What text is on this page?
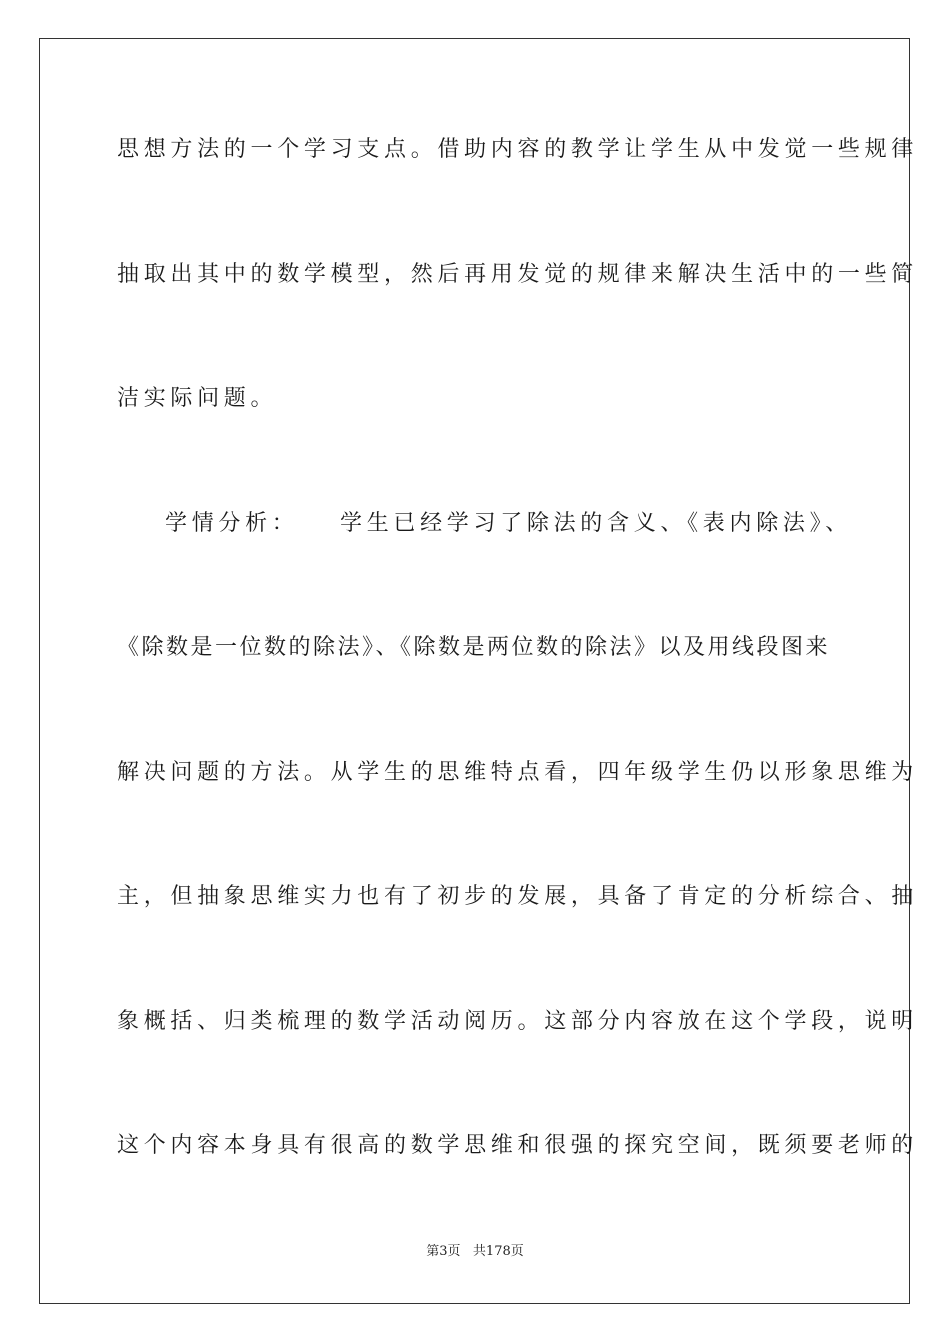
思想方法的一个学习支点。借助内容的教学让学生从中发觉一些规律
抽取出其中的数学模型，然后再用发觉的规律来解决生活中的一些简
洁实际问题。
学情分析： 学生已经学习了除法的含义、《表内除法》、
《除数是一位数的除法》、《除数是两位数的除法》以及用线段图来
解决问题的方法。从学生的思维特点看，四年级学生仍以形象思维为
主，但抽象思维实力也有了初步的发展，具备了肯定的分析综合、抽
象概括、归类梳理的数学活动阅历。这部分内容放在这个学段，说明
这个内容本身具有很高的数学思维和很强的探究空间，既须要老师的
第3页 共178页
